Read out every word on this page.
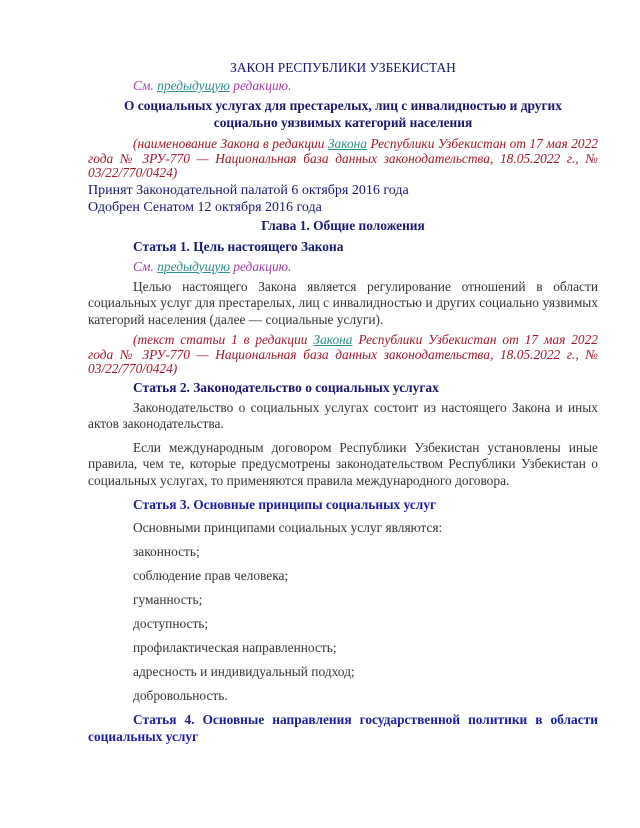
ЗАКОН РЕСПУБЛИКИ УЗБЕКИСТАН
См. предыдущую редакцию.
О социальных услугах для престарелых, лиц с инвалидностью и других социально уязвимых категорий населения
(наименование Закона в редакции Закона Республики Узбекистан от 17 мая 2022 года № ЗРУ-770 — Национальная база данных законодательства, 18.05.2022 г., № 03/22/770/0424)
Принят Законодательной палатой 6 октября 2016 года
Одобрен Сенатом 12 октября 2016 года
Глава 1. Общие положения
Статья 1. Цель настоящего Закона
См. предыдущую редакцию.
Целью настоящего Закона является регулирование отношений в области социальных услуг для престарелых, лиц с инвалидностью и других социально уязвимых категорий населения (далее — социальные услуги).
(текст статьи 1 в редакции Закона Республики Узбекистан от 17 мая 2022 года № ЗРУ-770 — Национальная база данных законодательства, 18.05.2022 г., № 03/22/770/0424)
Статья 2. Законодательство о социальных услугах
Законодательство о социальных услугах состоит из настоящего Закона и иных актов законодательства.
Если международным договором Республики Узбекистан установлены иные правила, чем те, которые предусмотрены законодательством Республики Узбекистан о социальных услугах, то применяются правила международного договора.
Статья 3. Основные принципы социальных услуг
Основными принципами социальных услуг являются:
законность;
соблюдение прав человека;
гуманность;
доступность;
профилактическая направленность;
адресность и индивидуальный подход;
добровольность.
Статья 4. Основные направления государственной политики в области социальных услуг
